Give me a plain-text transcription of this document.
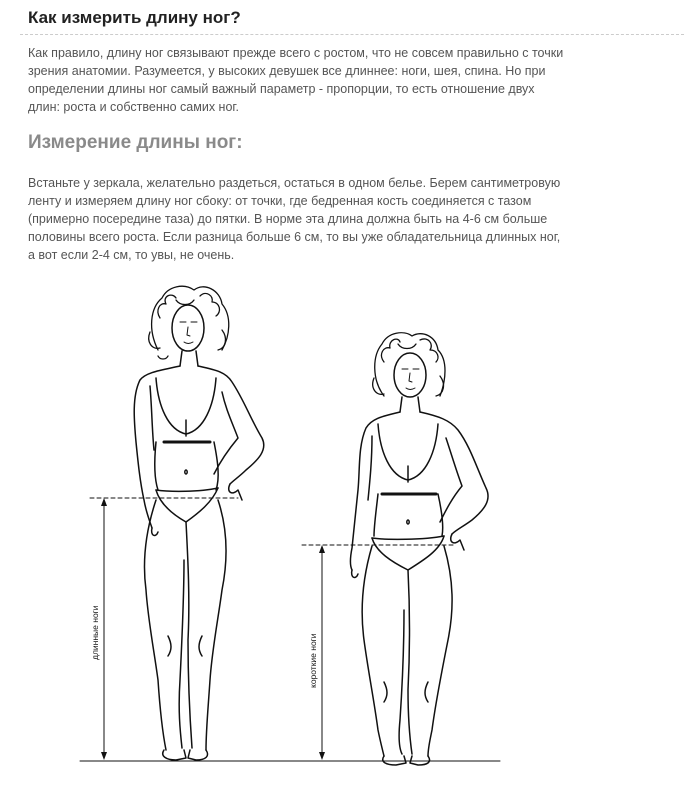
Как измерить длину ног?

Как правило, длину ног связывают прежде всего с ростом, что не совсем правильно с точки зрения анатомии. Разумеется, у высоких девушек все длиннее: ноги, шея, спина. Но при определении длины ног самый важный параметр - пропорции, то есть отношение двух длин: роста и собственно самих ног.

Измерение длины ног:

Встаньте у зеркала, желательно раздеться, остаться в одном белье. Берем сантиметровую ленту и измеряем длину ног сбоку: от точки, где бедренная кость соединяется с тазом (примерно посередине таза) до пятки. В норме эта длина должна быть на 4-6 см больше половины всего роста. Если разница больше 6 см, то вы уже обладательница длинных ног, а вот если 2-4 см, то увы, не очень.

длинные ноги
короткие ноги
